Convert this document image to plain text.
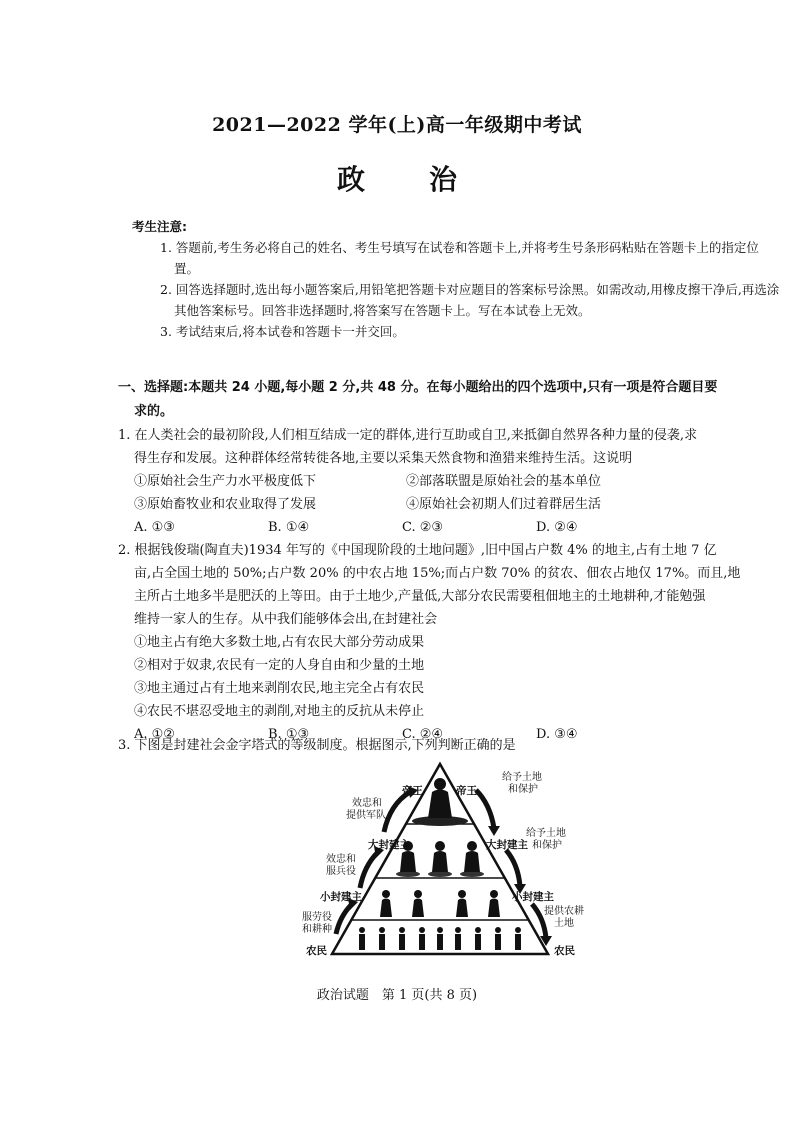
2021—2022 学年(上)高一年级期中考试
政　治
考生注意:
1. 答题前,考生务必将自己的姓名、考生号填写在试卷和答题卡上,并将考生号条形码粘贴在答题卡上的指定位置。
2. 回答选择题时,选出每小题答案后,用铅笔把答题卡对应题目的答案标号涂黑。如需改动,用橡皮擦干净后,再选涂其他答案标号。回答非选择题时,将答案写在答题卡上。写在本试卷上无效。
3. 考试结束后,将本试卷和答题卡一并交回。
一、选择题:本题共 24 小题,每小题 2 分,共 48 分。在每小题给出的四个选项中,只有一项是符合题目要
求的。
1. 在人类社会的最初阶段,人们相互结成一定的群体,进行互助或自卫,来抵御自然界各种力量的侵袭,求
得生存和发展。这种群体经常转徙各地,主要以采集天然食物和渔猎来维持生活。这说明
①原始社会生产力水平极度低下	②部落联盟是原始社会的基本单位
③原始畜牧业和农业取得了发展	④原始社会初期人们过着群居生活
A. ①③	B. ①④	C. ②③	D. ②④
2. 根据钱俊瑞(陶直夫)1934 年写的《中国现阶段的土地问题》,旧中国占户数 4% 的地主,占有土地 7 亿
亩,占全国土地的 50%;占户数 20% 的中农占地 15%;而占户数 70% 的贫农、佃农占地仅 17%。而且,地
主所占土地多半是肥沃的上等田。由于土地少,产量低,大部分农民需要租佃地主的土地耕种,才能勉强
维持一家人的生存。从中我们能够体会出,在封建社会
①地主占有绝大多数土地,占有农民大部分劳动成果
②相对于奴隶,农民有一定的人身自由和少量的土地
③地主通过占有土地来剥削农民,地主完全占有农民
④农民不堪忍受地主的剥削,对地主的反抗从未停止
A. ①②	B. ①③	C. ②④	D. ③④
3. 下图是封建社会金字塔式的等级制度。根据图示,下列判断正确的是
帝王	帝王
大封建主	大封建主
小封建主	小封建主
农民	农民
效忠和
提供军队
效忠和
服兵役
服劳役
和耕种
给予土地
和保护
给予土地
和保护
提供农耕
土地
政治试题　第 1 页(共 8 页)
